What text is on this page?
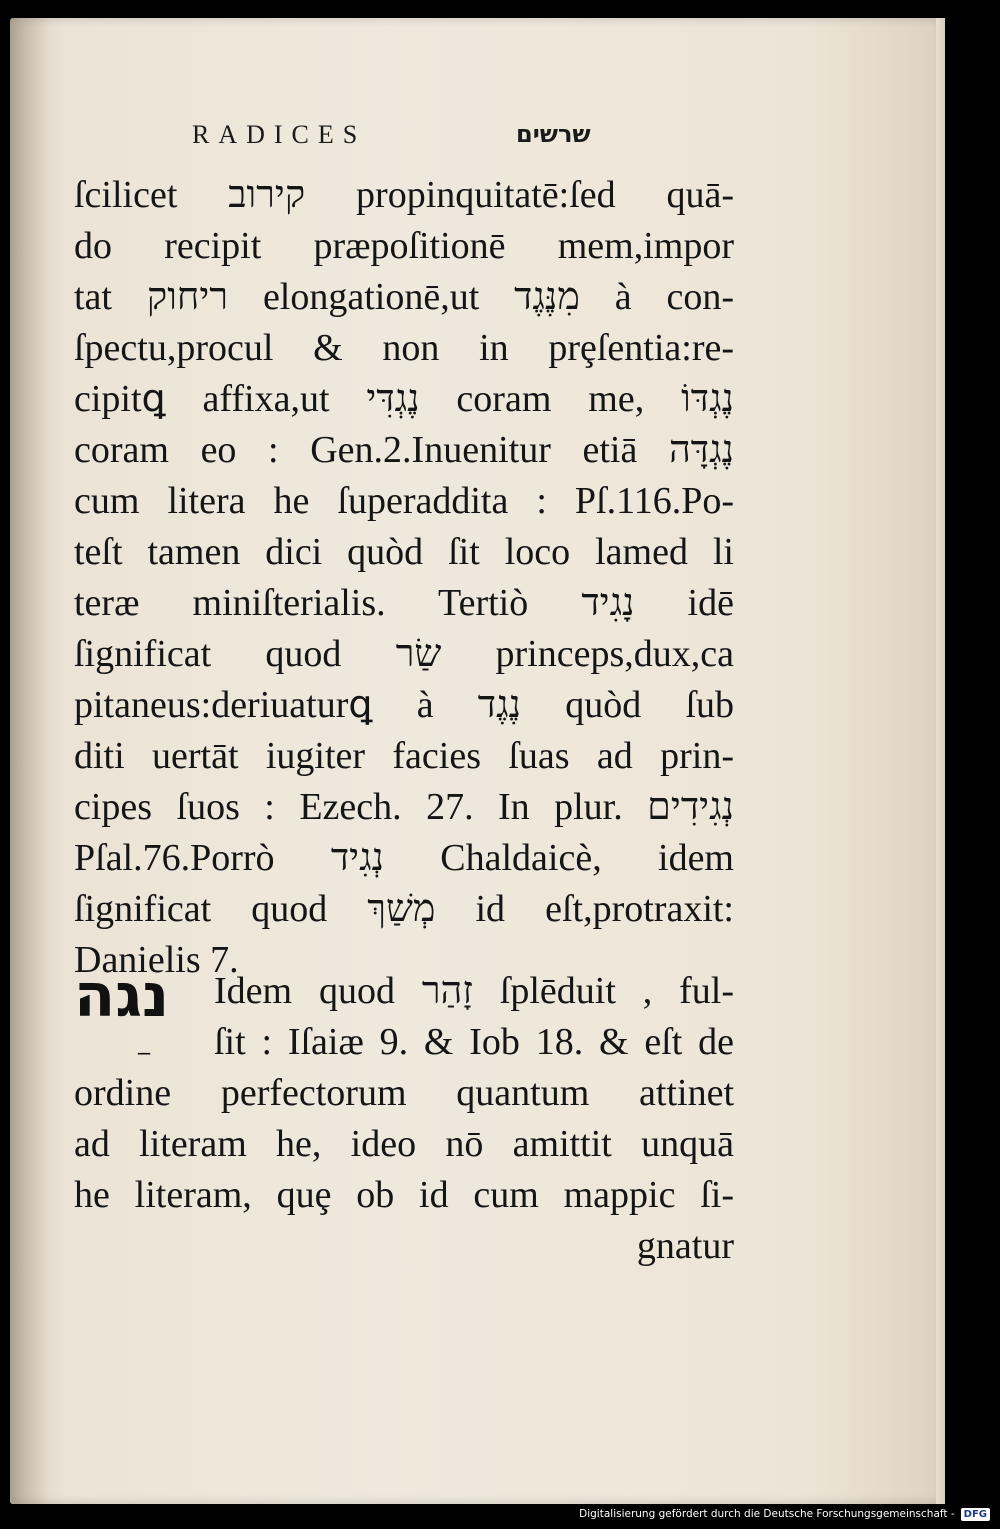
RADICES	שרשים
ſcilicet קירוב propinquitatē:ſed quā-
do recipit præpoſitionē mem,impor
tat ריחוק elongationē,ut מִנֶּגֶד à con-
ſpectu,procul & non in prȩſentia:re-
cipitꝗ affixa,ut נֶגְדִּי coram me, נֶגְדּוֹ
coram eo : Gen.2.Inuenitur etiā נֶגְדָּה
cum litera he ſuperaddita : Pſ.116.Po-
teſt tamen dici quòd ſit loco lamed li
teræ miniſterialis. Tertiò נָגִיד idē
ſignificat quod שַׂר princeps,dux,ca
pitaneus:deriuaturꝗ à נֶגֶד quòd ſub
diti uertāt iugiter facies ſuas ad prin-
cipes ſuos : Ezech. 27. In plur. נְגִידִים
Pſal.76.Porrò נְגִיד Chaldaicè, idem
ſignificat quod מְשַׁךְ id eſt,protraxit:
Danielis 7.
נגה
ַ ַ
Idem quod זָהַר ſplēduit , ful-
ſit : Iſaiæ 9. & Iob 18. & eſt de
ordine perfectorum quantum attinet
ad literam he, ideo nō amittit unquā
he literam, quȩ ob id cum mappic ſi-
gnatur
Digitalisierung gefördert durch die Deutsche Forschungsgemeinschaft - DFG
